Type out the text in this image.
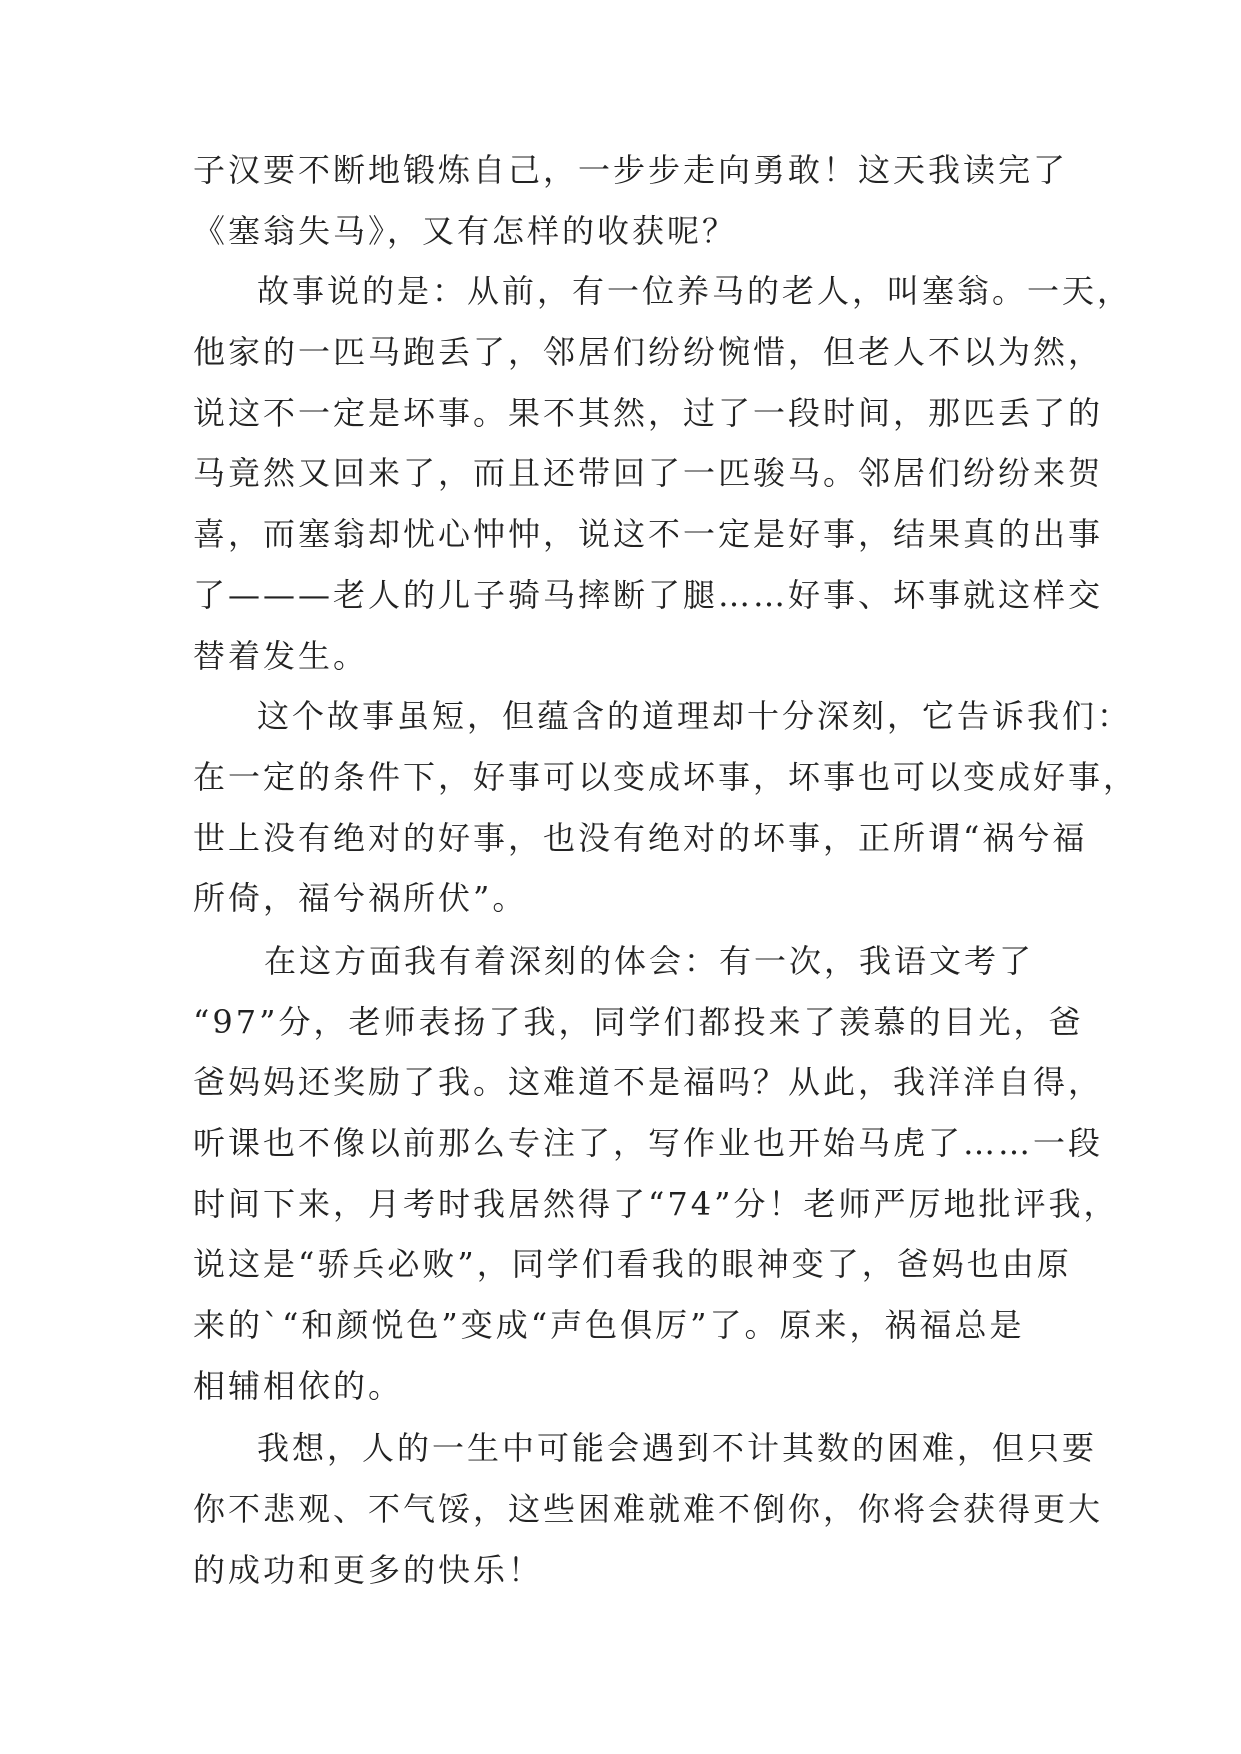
子汉要不断地锻炼自己，一步步走向勇敢！这天我读完了
《塞翁失马》，又有怎样的收获呢？
故事说的是：从前，有一位养马的老人，叫塞翁。一天，
他家的一匹马跑丢了，邻居们纷纷惋惜，但老人不以为然，
说这不一定是坏事。果不其然，过了一段时间，那匹丢了的
马竟然又回来了，而且还带回了一匹骏马。邻居们纷纷来贺
喜，而塞翁却忧心忡忡，说这不一定是好事，结果真的出事
了———老人的儿子骑马摔断了腿……好事、坏事就这样交
替着发生。
这个故事虽短，但蕴含的道理却十分深刻，它告诉我们：
在一定的条件下，好事可以变成坏事，坏事也可以变成好事，
世上没有绝对的好事，也没有绝对的坏事，正所谓“祸兮福
所倚，福兮祸所伏”。
在这方面我有着深刻的体会：有一次，我语文考了
“97”分，老师表扬了我，同学们都投来了羡慕的目光，爸
爸妈妈还奖励了我。这难道不是福吗？从此，我洋洋自得，
听课也不像以前那么专注了，写作业也开始马虎了……一段
时间下来，月考时我居然得了“74”分！老师严厉地批评我，
说这是“骄兵必败”，同学们看我的眼神变了，爸妈也由原
来的`“和颜悦色”变成“声色俱厉”了。原来，祸福总是
相辅相依的。
我想，人的一生中可能会遇到不计其数的困难，但只要
你不悲观、不气馁，这些困难就难不倒你，你将会获得更大
的成功和更多的快乐！
